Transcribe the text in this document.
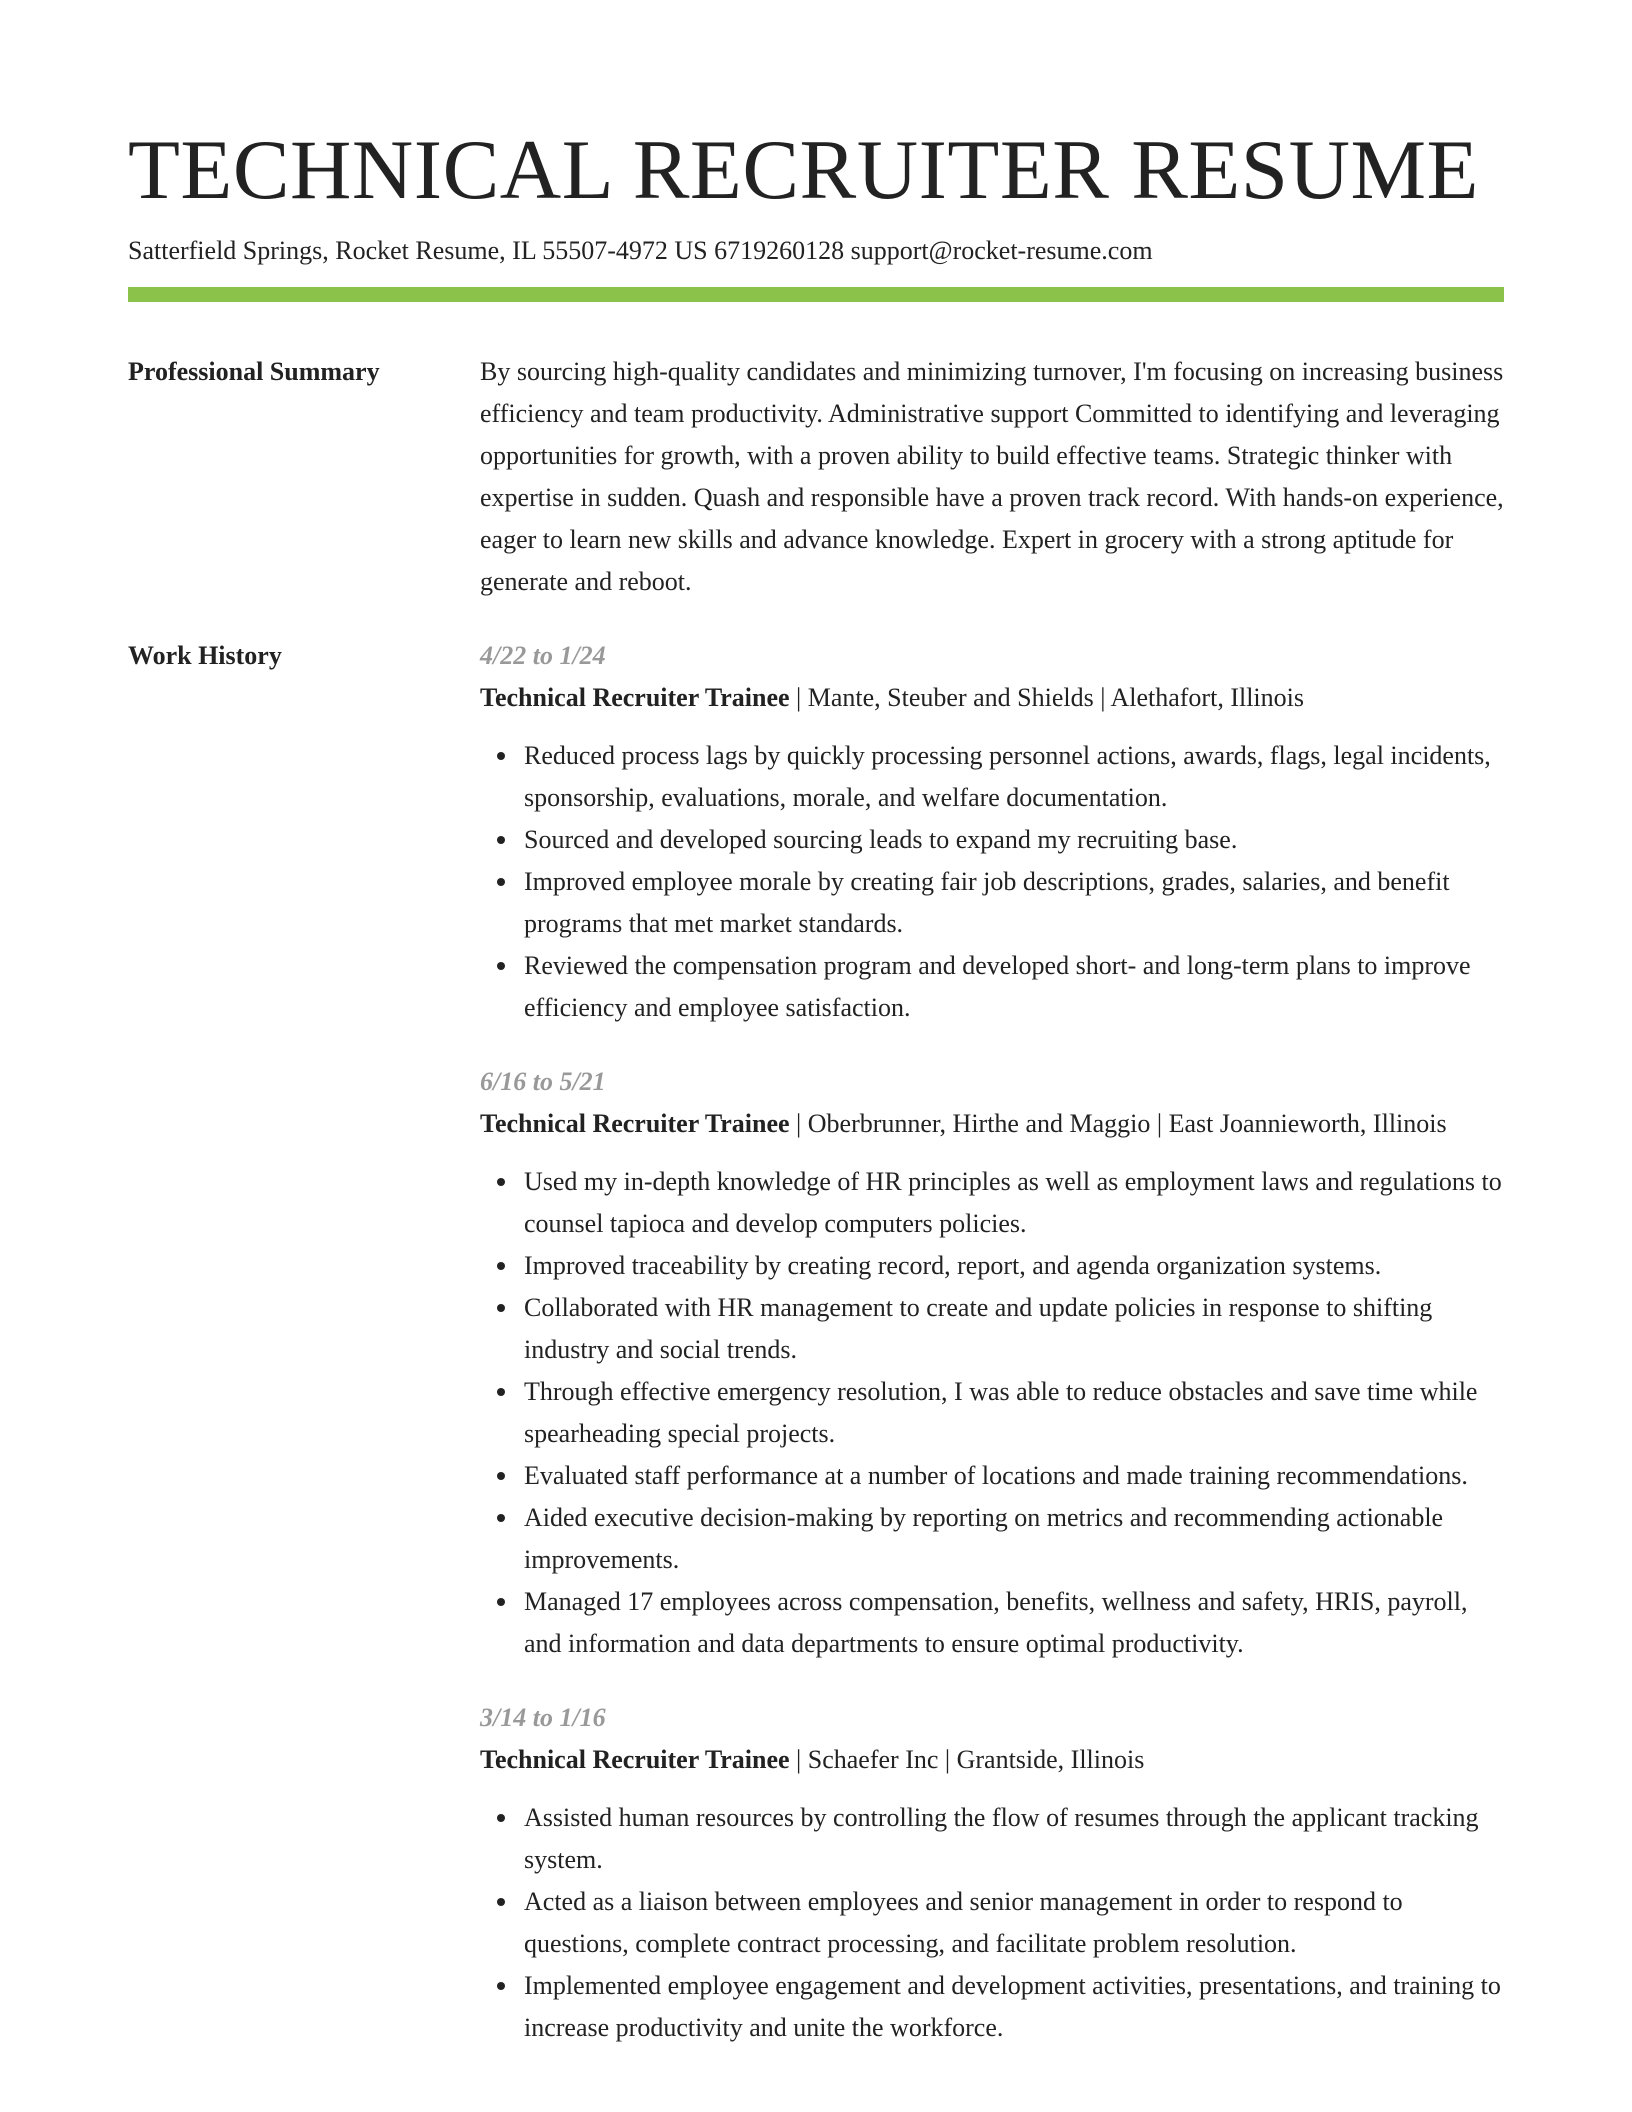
TECHNICAL RECRUITER RESUME
Satterfield Springs, Rocket Resume, IL 55507-4972 US 6719260128 support@rocket-resume.com
Professional Summary	By sourcing high-quality candidates and minimizing turnover, I'm focusing on increasing business efficiency and team productivity. Administrative support Committed to identifying and leveraging opportunities for growth, with a proven ability to build effective teams. Strategic thinker with expertise in sudden. Quash and responsible have a proven track record. With hands-on experience, eager to learn new skills and advance knowledge. Expert in grocery with a strong aptitude for generate and reboot.
Work History	4/22 to 1/24
Technical Recruiter Trainee | Mante, Steuber and Shields | Alethafort, Illinois
Reduced process lags by quickly processing personnel actions, awards, flags, legal incidents, sponsorship, evaluations, morale, and welfare documentation.
Sourced and developed sourcing leads to expand my recruiting base.
Improved employee morale by creating fair job descriptions, grades, salaries, and benefit programs that met market standards.
Reviewed the compensation program and developed short- and long-term plans to improve efficiency and employee satisfaction.
6/16 to 5/21
Technical Recruiter Trainee | Oberbrunner, Hirthe and Maggio | East Joannieworth, Illinois
Used my in-depth knowledge of HR principles as well as employment laws and regulations to counsel tapioca and develop computers policies.
Improved traceability by creating record, report, and agenda organization systems.
Collaborated with HR management to create and update policies in response to shifting industry and social trends.
Through effective emergency resolution, I was able to reduce obstacles and save time while spearheading special projects.
Evaluated staff performance at a number of locations and made training recommendations.
Aided executive decision-making by reporting on metrics and recommending actionable improvements.
Managed 17 employees across compensation, benefits, wellness and safety, HRIS, payroll, and information and data departments to ensure optimal productivity.
3/14 to 1/16
Technical Recruiter Trainee | Schaefer Inc | Grantside, Illinois
Assisted human resources by controlling the flow of resumes through the applicant tracking system.
Acted as a liaison between employees and senior management in order to respond to questions, complete contract processing, and facilitate problem resolution.
Implemented employee engagement and development activities, presentations, and training to increase productivity and unite the workforce.
